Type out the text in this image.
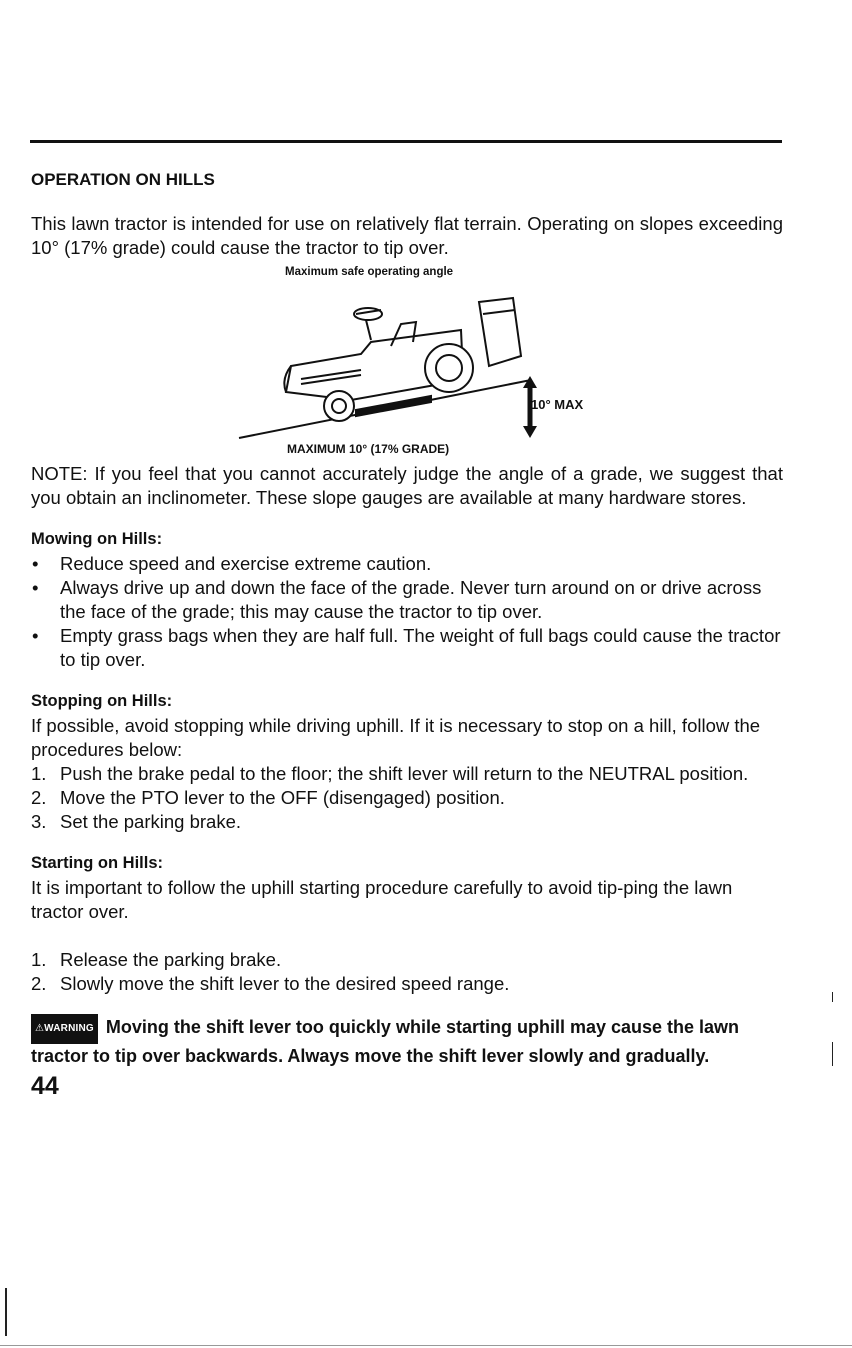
OPERATION ON HILLS

This lawn tractor is intended for use on relatively flat terrain. Operating on slopes exceeding 10° (17% grade) could cause the tractor to tip over.

Maximum safe operating angle
10° MAX
MAXIMUM 10° (17% GRADE)

NOTE: If you feel that you cannot accurately judge the angle of a grade, we suggest that you obtain an inclinometer. These slope gauges are available at many hardware stores.

Mowing on Hills:

• Reduce speed and exercise extreme caution.
• Always drive up and down the face of the grade. Never turn around on or drive across the face of the grade; this may cause the tractor to tip over.
• Empty grass bags when they are half full. The weight of full bags could cause the tractor to tip over.

Stopping on Hills:

If possible, avoid stopping while driving uphill. If it is necessary to stop on a hill, follow the procedures below:

1. Push the brake pedal to the floor; the shift lever will return to the NEUTRAL position.
2. Move the PTO lever to the OFF (disengaged) position.
3. Set the parking brake.

Starting on Hills:

It is important to follow the uphill starting procedure carefully to avoid tip-ping the lawn tractor over.

1. Release the parking brake.
2. Slowly move the shift lever to the desired speed range.

⚠WARNING Moving the shift lever too quickly while starting uphill may cause the lawn tractor to tip over backwards. Always move the shift lever slowly and gradually.

44
